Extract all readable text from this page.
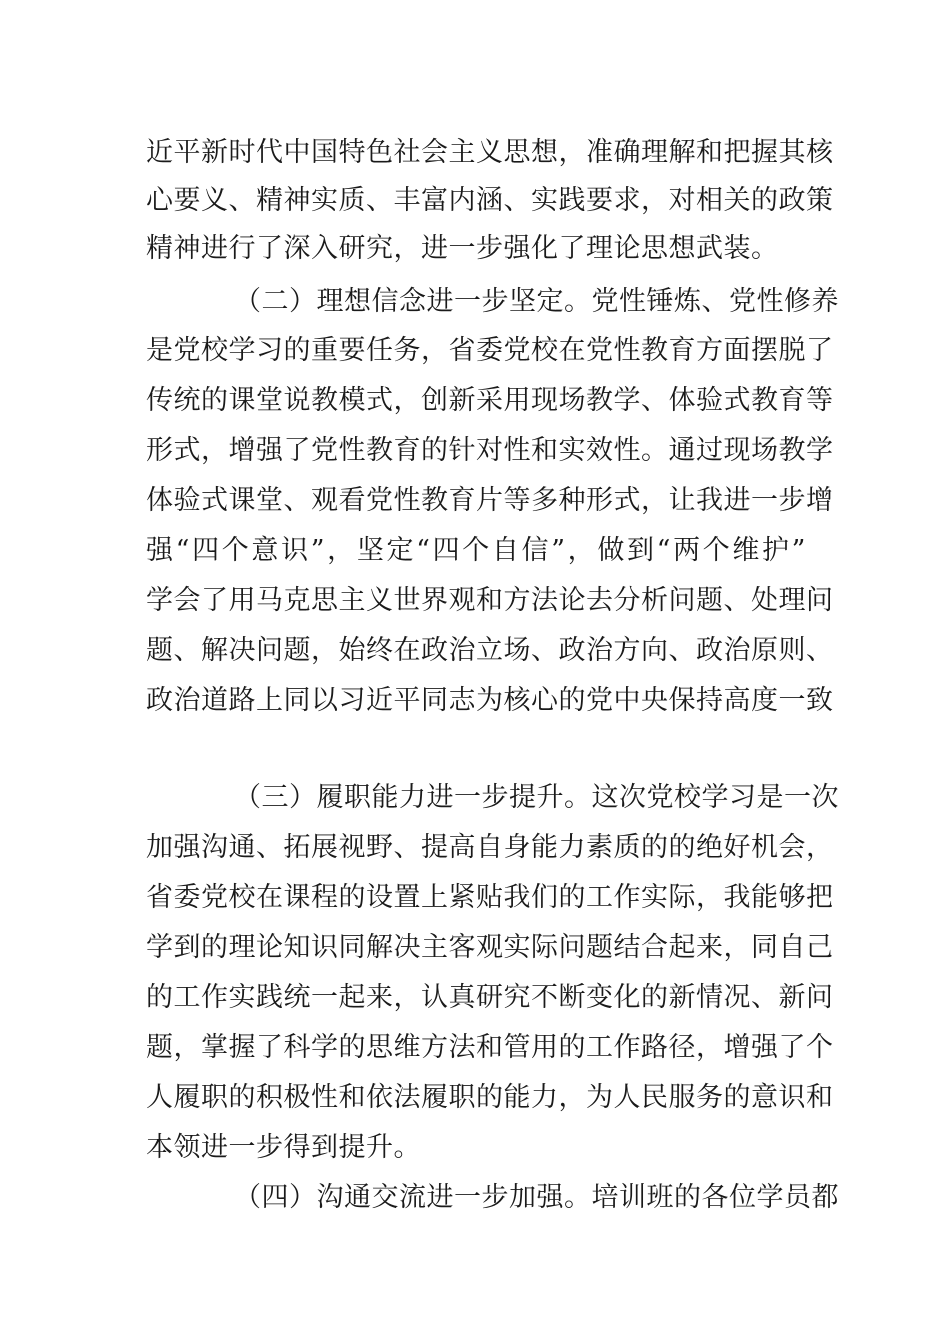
近平新时代中国特色社会主义思想，准确理解和把握其核
心要义、精神实质、丰富内涵、实践要求，对相关的政策
精神进行了深入研究，进一步强化了理论思想武装。
（二）理想信念进一步坚定。党性锤炼、党性修养
是党校学习的重要任务，省委党校在党性教育方面摆脱了
传统的课堂说教模式，创新采用现场教学、体验式教育等
形式，增强了党性教育的针对性和实效性。通过现场教学
体验式课堂、观看党性教育片等多种形式，让我进一步增
强“四个意识”，坚定“四个自信”，做到“两个维护”
学会了用马克思主义世界观和方法论去分析问题、处理问
题、解决问题，始终在政治立场、政治方向、政治原则、
政治道路上同以习近平同志为核心的党中央保持高度一致
（三）履职能力进一步提升。这次党校学习是一次
加强沟通、拓展视野、提高自身能力素质的的绝好机会，
省委党校在课程的设置上紧贴我们的工作实际，我能够把
学到的理论知识同解决主客观实际问题结合起来，同自己
的工作实践统一起来，认真研究不断变化的新情况、新问
题，掌握了科学的思维方法和管用的工作路径，增强了个
人履职的积极性和依法履职的能力，为人民服务的意识和
本领进一步得到提升。
（四）沟通交流进一步加强。培训班的各位学员都
